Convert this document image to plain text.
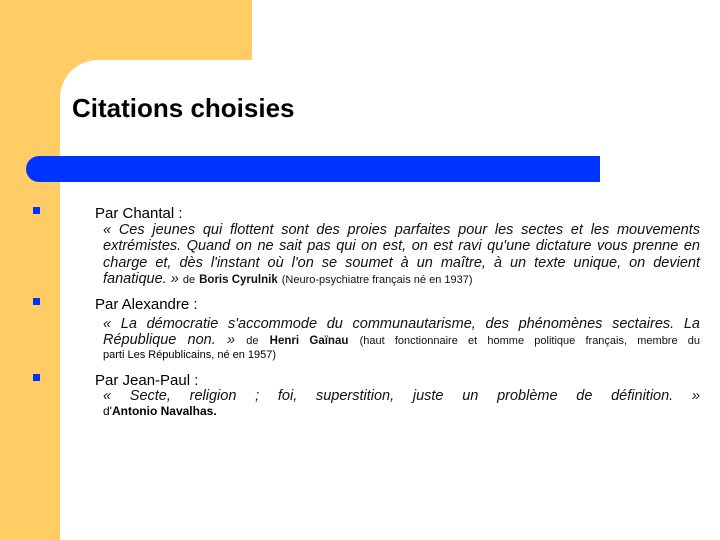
Citations choisies
Par Chantal :
« Ces jeunes qui flottent sont des proies parfaites pour les sectes et les mouvements extrémistes. Quand on ne sait pas qui on est, on est ravi qu'une dictature vous prenne en charge et, dès l'instant où l'on se soumet à un maître, à un texte unique, on devient fanatique. » de Boris Cyrulnik (Neuro-psychiatre français né en 1937)
Par Alexandre :
« La démocratie s'accommode du communautarisme, des phénomènes sectaires. La République non. » de Henri Gaïnau (haut fonctionnaire et homme politique français, membre du
parti Les Républicains, né en 1957)
Par Jean-Paul :
« Secte, religion ; foi, superstition, juste un problème de définition. »
d'Antonio Navalhas.
